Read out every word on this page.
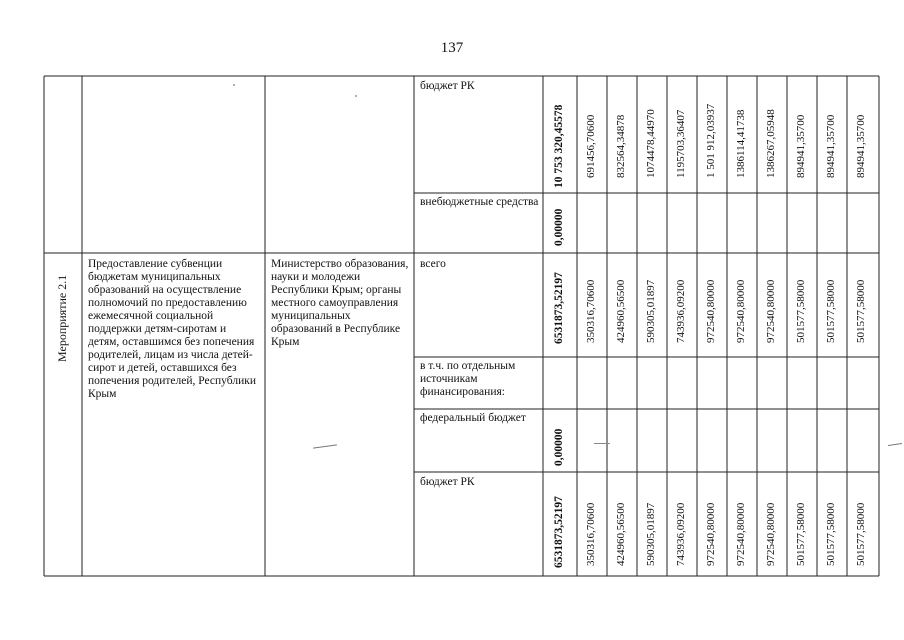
137
бюджет РК
10 753 320,45578 691456,70600 832564,34878 1074478,44970 1195703,36407 1 501 912,03937 1386114,41738 1386267,05948 894941,35700 894941,35700 894941,35700
внебюджетные средства
0,00000
Мероприятие 2.1
Предоставление субвенции бюджетам муниципальных образований на осуществление полномочий по предоставлению ежемесячной социальной поддержки детям-сиротам и детям, оставшимся без попечения родителей, лицам из числа детей-сирот и детей, оставшихся без попечения родителей, Республики Крым
Министерство образования, науки и молодежи Республики Крым; органы местного самоуправления муниципальных образований в Республике Крым
всего
6531873,52197 350316,70600 424960,56500 590305,01897 743936,09200 972540,80000 972540,80000 972540,80000 501577,58000 501577,58000 501577,58000
в т.ч. по отдельным источникам финансирования:
федеральный бюджет
0,00000
бюджет РК
6531873,52197 350316,70600 424960,56500 590305,01897 743936,09200 972540,80000 972540,80000 972540,80000 501577,58000 501577,58000 501577,58000
